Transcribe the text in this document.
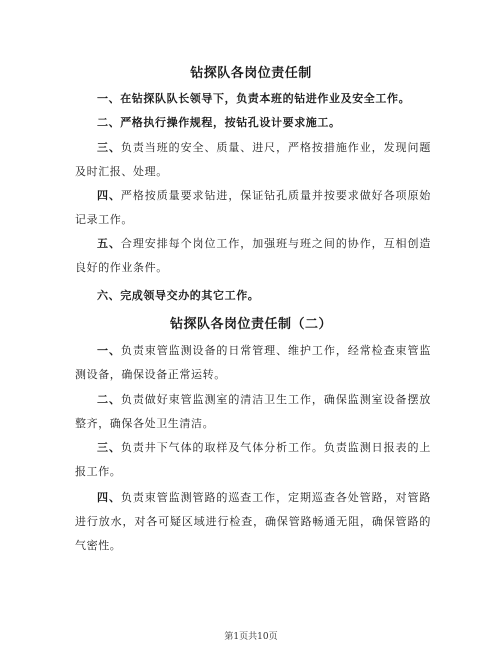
钻探队各岗位责任制
一、在钻探队队长领导下，负责本班的钻进作业及安全工作。
二、严格执行操作规程，按钻孔设计要求施工。
三、负责当班的安全、质量、进尺，严格按措施作业，发现问题及时汇报、处理。
四、严格按质量要求钻进，保证钻孔质量并按要求做好各项原始记录工作。
五、合理安排每个岗位工作，加强班与班之间的协作，互相创造良好的作业条件。
六、完成领导交办的其它工作。
钻探队各岗位责任制（二）
一、负责束管监测设备的日常管理、维护工作，经常检查束管监测设备，确保设备正常运转。
二、负责做好束管监测室的清洁卫生工作，确保监测室设备摆放整齐，确保各处卫生清洁。
三、负责井下气体的取样及气体分析工作。负责监测日报表的上报工作。
四、负责束管监测管路的巡查工作，定期巡查各处管路，对管路进行放水，对各可疑区域进行检查，确保管路畅通无阻，确保管路的气密性。
第1页共10页
